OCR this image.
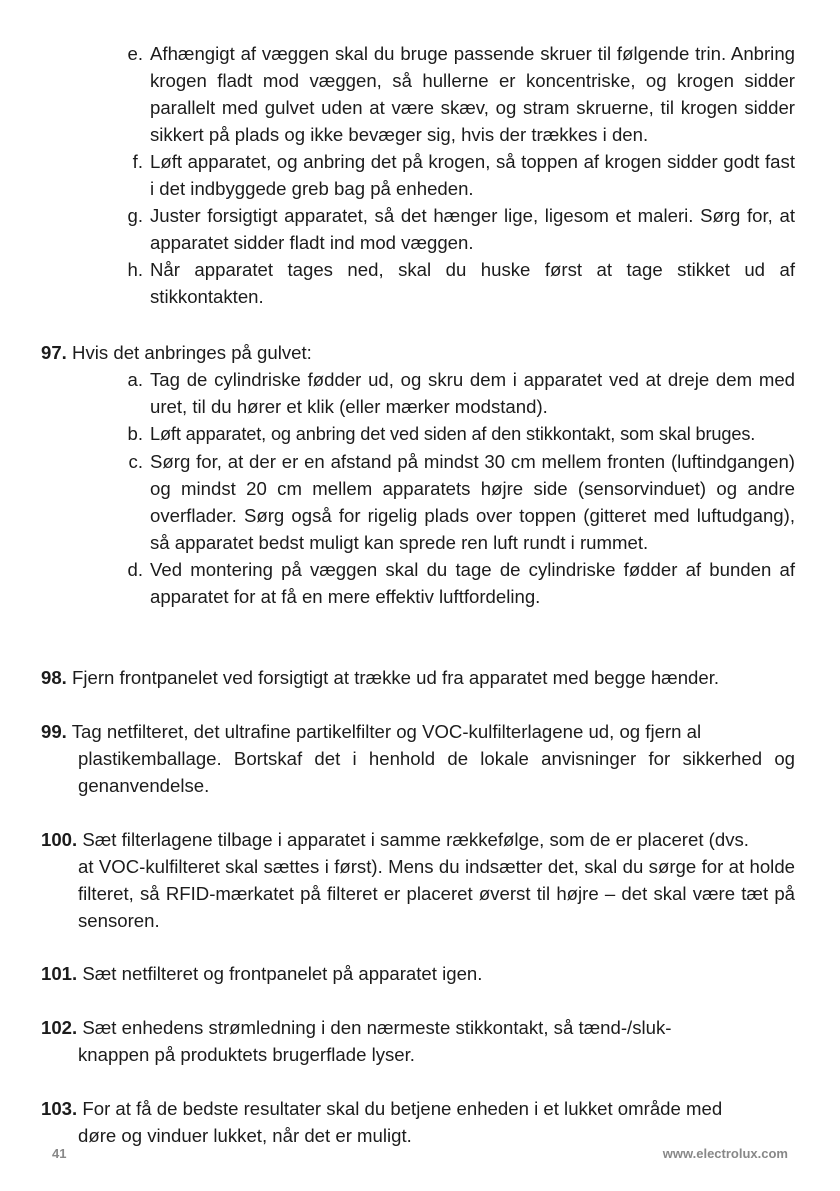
e. Afhængigt af væggen skal du bruge passende skruer til følgende trin. Anbring krogen fladt mod væggen, så hullerne er koncentriske, og krogen sidder parallelt med gulvet uden at være skæv, og stram skruerne, til krogen sidder sikkert på plads og ikke bevæger sig, hvis der trækkes i den.
f. Løft apparatet, og anbring det på krogen, så toppen af krogen sidder godt fast i det indbyggede greb bag på enheden.
g. Juster forsigtigt apparatet, så det hænger lige, ligesom et maleri. Sørg for, at apparatet sidder fladt ind mod væggen.
h. Når apparatet tages ned, skal du huske først at tage stikket ud af stikkontakten.
97. Hvis det anbringes på gulvet:
a. Tag de cylindriske fødder ud, og skru dem i apparatet ved at dreje dem med uret, til du hører et klik (eller mærker modstand).
b. Løft apparatet, og anbring det ved siden af den stikkontakt, som skal bruges.
c. Sørg for, at der er en afstand på mindst 30 cm mellem fronten (luftindgangen) og mindst 20 cm mellem apparatets højre side (sensorvinduet) og andre overflader. Sørg også for rigelig plads over toppen (gitteret med luftudgang), så apparatet bedst muligt kan sprede ren luft rundt i rummet.
d. Ved montering på væggen skal du tage de cylindriske fødder af bunden af apparatet for at få en mere effektiv luftfordeling.
98. Fjern frontpanelet ved forsigtigt at trække ud fra apparatet med begge hænder.
99. Tag netfilteret, det ultrafine partikelfilter og VOC-kulfilterlagene ud, og fjern al
plastikemballage. Bortskaf det i henhold de lokale anvisninger for sikkerhed og genanvendelse.
100. Sæt filterlagene tilbage i apparatet i samme rækkefølge, som de er placeret (dvs.
at VOC-kulfilteret skal sættes i først). Mens du indsætter det, skal du sørge for at holde filteret, så RFID-mærkatet på filteret er placeret øverst til højre – det skal være tæt på sensoren.
101. Sæt netfilteret og frontpanelet på apparatet igen.
102. Sæt enhedens strømledning i den nærmeste stikkontakt, så tænd-/sluk-
knappen på produktets brugerflade lyser.
103. For at få de bedste resultater skal du betjene enheden i et lukket område med
døre og vinduer lukket, når det er muligt.
41	www.electrolux.com
